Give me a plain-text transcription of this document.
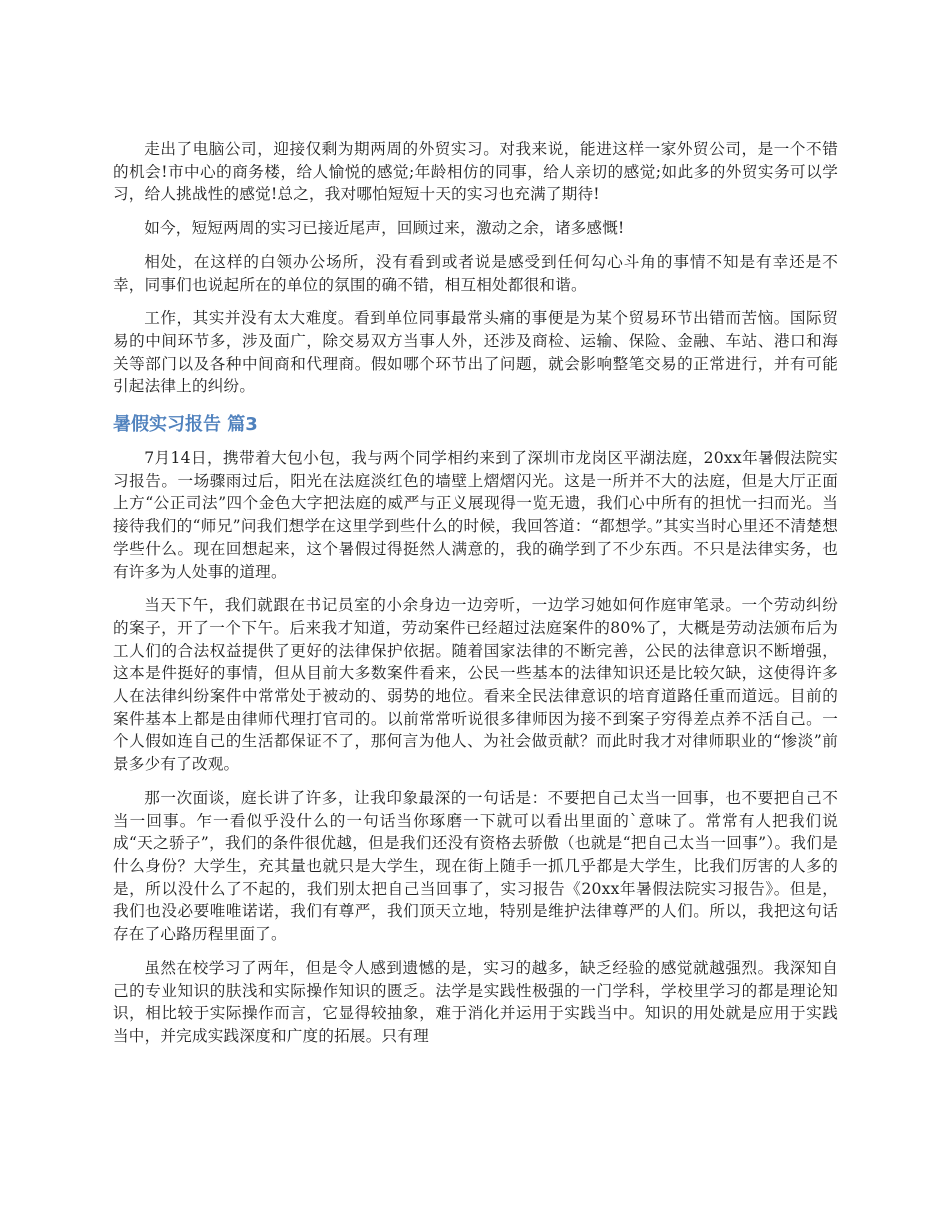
走出了电脑公司，迎接仅剩为期两周的外贸实习。对我来说，能进这样一家外贸公司，是一个不错的机会!市中心的商务楼，给人愉悦的感觉;年龄相仿的同事，给人亲切的感觉;如此多的外贸实务可以学习，给人挑战性的感觉!总之，我对哪怕短短十天的实习也充满了期待!

如今，短短两周的实习已接近尾声，回顾过来，激动之余，诸多感慨!

相处，在这样的白领办公场所，没有看到或者说是感受到任何勾心斗角的事情不知是有幸还是不幸，同事们也说起所在的单位的氛围的确不错，相互相处都很和谐。

工作，其实并没有太大难度。看到单位同事最常头痛的事便是为某个贸易环节出错而苦恼。国际贸易的中间环节多，涉及面广，除交易双方当事人外，还涉及商检、运输、保险、金融、车站、港口和海关等部门以及各种中间商和代理商。假如哪个环节出了问题，就会影响整笔交易的正常进行，并有可能引起法律上的纠纷。

暑假实习报告 篇3

7月14日，携带着大包小包，我与两个同学相约来到了深圳市龙岗区平湖法庭，20xx年暑假法院实习报告。一场骤雨过后，阳光在法庭淡红色的墙壁上熠熠闪光。这是一所并不大的法庭，但是大厅正面上方“公正司法”四个金色大字把法庭的威严与正义展现得一览无遗，我们心中所有的担忧一扫而光。当接待我们的“师兄”问我们想学在这里学到些什么的时候，我回答道：“都想学。”其实当时心里还不清楚想学些什么。现在回想起来，这个暑假过得挺然人满意的，我的确学到了不少东西。不只是法律实务，也有许多为人处事的道理。

当天下午，我们就跟在书记员室的小余身边一边旁听，一边学习她如何作庭审笔录。一个劳动纠纷的案子，开了一个下午。后来我才知道，劳动案件已经超过法庭案件的80%了，大概是劳动法颁布后为工人们的合法权益提供了更好的法律保护依据。随着国家法律的不断完善，公民的法律意识不断增强，这本是件挺好的事情，但从目前大多数案件看来，公民一些基本的法律知识还是比较欠缺，这使得许多人在法律纠纷案件中常常处于被动的、弱势的地位。看来全民法律意识的培育道路任重而道远。目前的案件基本上都是由律师代理打官司的。以前常常听说很多律师因为接不到案子穷得差点养不活自己。一个人假如连自己的生活都保证不了，那何言为他人、为社会做贡献？而此时我才对律师职业的“惨淡”前景多少有了改观。

那一次面谈，庭长讲了许多，让我印象最深的一句话是：不要把自己太当一回事，也不要把自己不当一回事。乍一看似乎没什么的一句话当你琢磨一下就可以看出里面的`意味了。常常有人把我们说成“天之骄子”，我们的条件很优越，但是我们还没有资格去骄傲（也就是“把自己太当一回事”）。我们是什么身份？大学生，充其量也就只是大学生，现在街上随手一抓几乎都是大学生，比我们厉害的人多的是，所以没什么了不起的，我们别太把自己当回事了，实习报告《20xx年暑假法院实习报告》。但是，我们也没必要唯唯诺诺，我们有尊严，我们顶天立地，特别是维护法律尊严的人们。所以，我把这句话存在了心路历程里面了。

虽然在校学习了两年，但是令人感到遗憾的是，实习的越多，缺乏经验的感觉就越强烈。我深知自己的专业知识的肤浅和实际操作知识的匮乏。法学是实践性极强的一门学科，学校里学习的都是理论知识，相比较于实际操作而言，它显得较抽象，难于消化并运用于实践当中。知识的用处就是应用于实践当中，并完成实践深度和广度的拓展。只有理
